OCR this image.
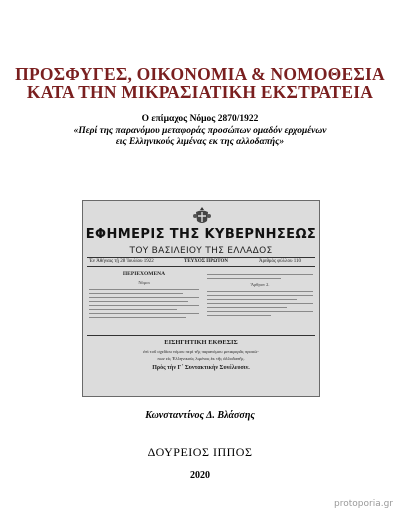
ΠΡΟΣΦΥΓΕΣ, ΟΙΚΟΝΟΜΙΑ & ΝΟΜΟΘΕΣΙΑ
ΚΑΤΑ ΤΗΝ ΜΙΚΡΑΣΙΑΤΙΚΗ ΕΚΣΤΡΑΤΕΙΑ
Ο επίμαχος Νόμος 2870/1922
«Περί της παρανόμου μεταφοράς προσώπων ομαδόν ερχομένων
εις Ελληνικούς λιμένας εκ της αλλοδαπής»
ΕΦΗΜΕΡΙΣ ΤΗΣ ΚΥΒΕΡΝΗΣΕΩΣ
ΤΟΥ ΒΑΣΙΛΕΙΟΥ ΤΗΣ ΕΛΛΑΔΟΣ
Ἐν Ἀθήναις τῇ 28 Ἰουλίου 1922	ΤΕΥΧΟΣ ΠΡΩΤΟΝ	Ἀριθμὸς φύλλου 110
ΠΕΡΙΕΧΟΜΕΝΑ
Νόμοι	Ἄρθρον 2.
ΕΙΣΗΓΗΤΙΚΗ ΕΚΘΕΣΙΣ
ἐπὶ τοῦ σχεδίου νόμου περὶ τῆς παρανόμου μεταφορᾶς προσώ-
πων εἰς Ἑλληνικοὺς λιμένας ἐκ τῆς ἀλλοδαπῆς.
Πρὸς τὴν Γ΄ Συντακτικὴν Συνέλευσιν.
Κωνσταντίνος Δ. Βλάσσης
ΔΟΥΡΕΙΟΣ ΙΠΠΟΣ
2020
protoporia.gr
